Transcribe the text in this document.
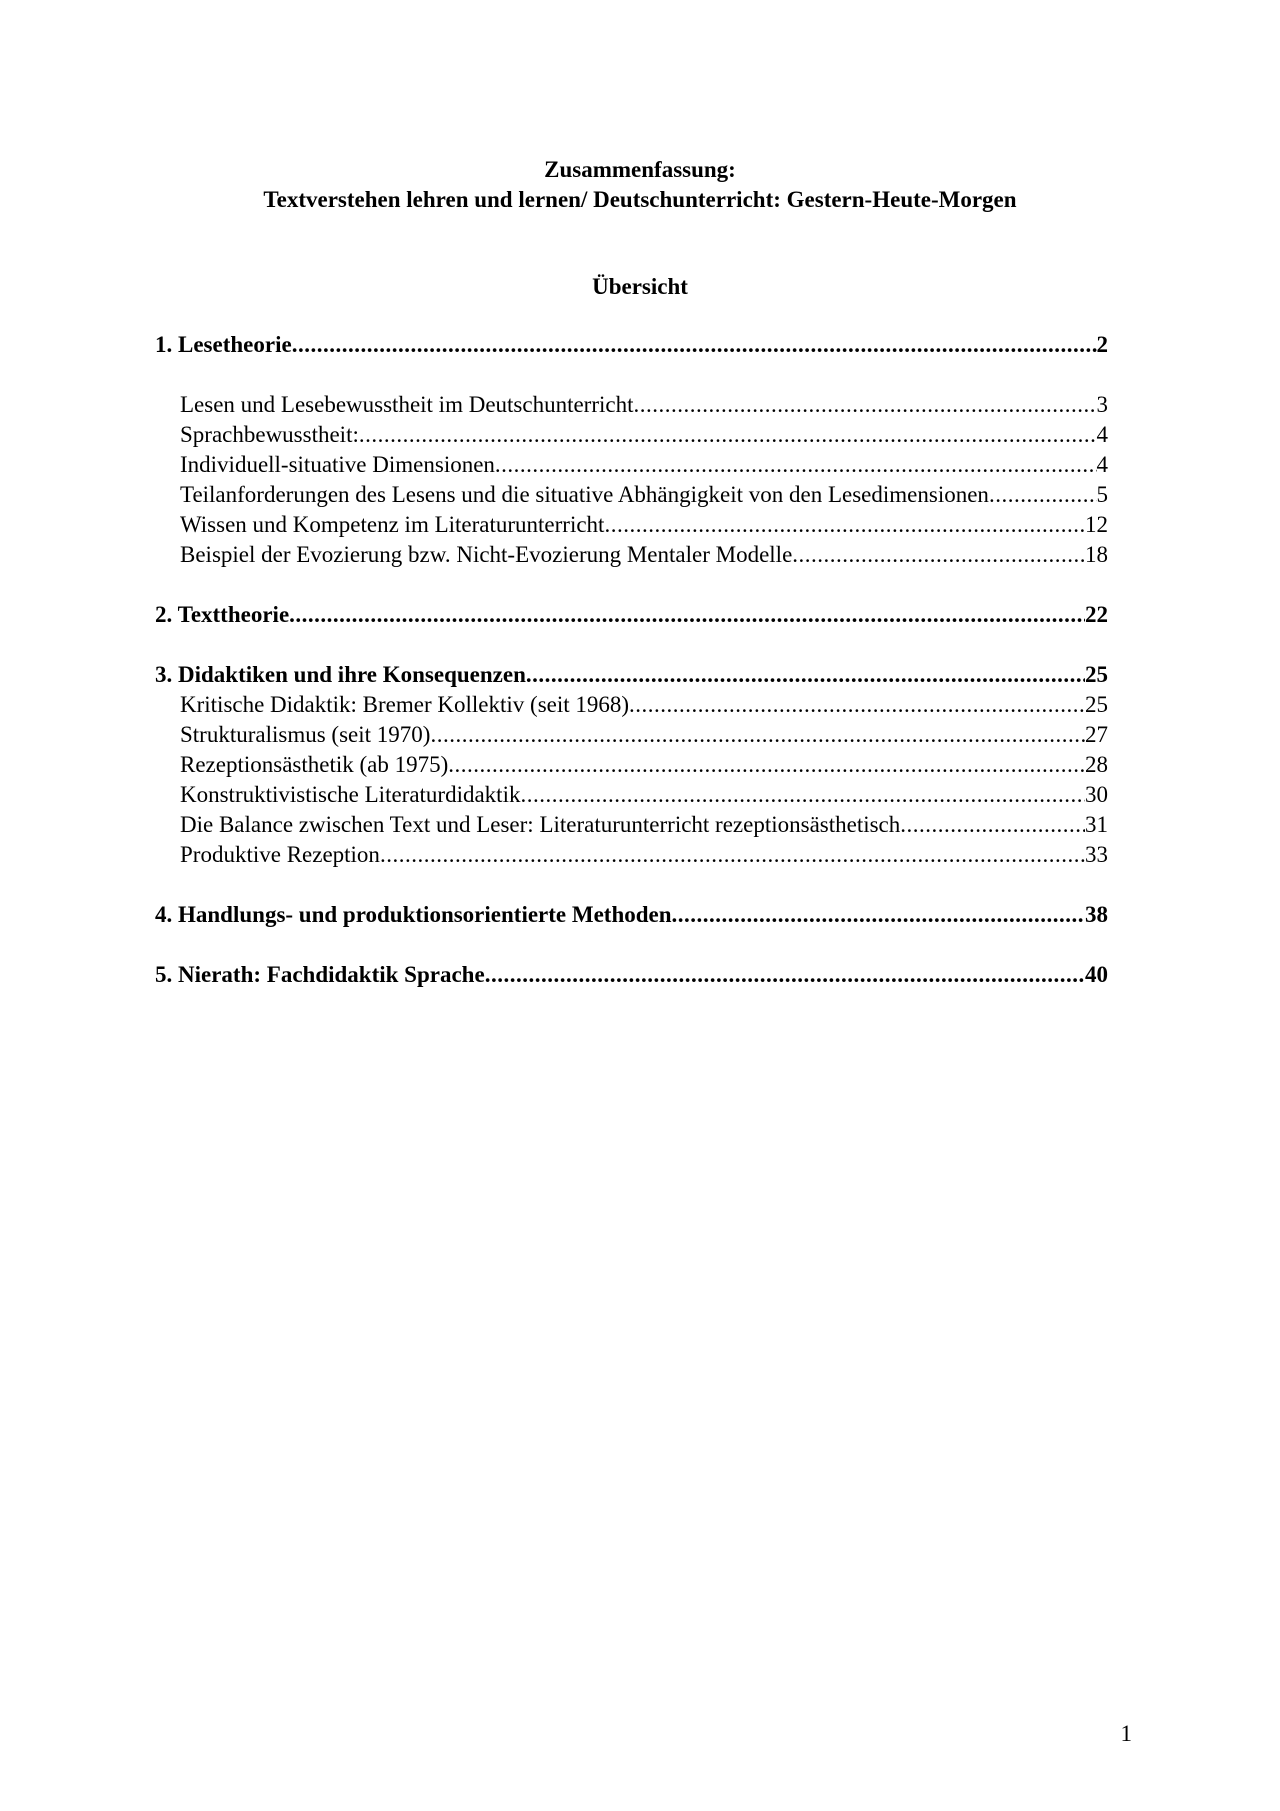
Zusammenfassung:
Textverstehen lehren und lernen/ Deutschunterricht: Gestern-Heute-Morgen
Übersicht
1. Lesetheorie .....	2
Lesen und Lesebewusstheit im Deutschunterricht .....	3
Sprachbewusstheit: .....	4
Individuell-situative Dimensionen .....	4
Teilanforderungen des Lesens und die situative Abhängigkeit von den Lesedimensionen .....	5
Wissen und Kompetenz im Literaturunterricht .....	12
Beispiel der Evozierung bzw. Nicht-Evozierung Mentaler Modelle .....	18
2. Texttheorie .....	22
3. Didaktiken und ihre Konsequenzen .....	25
Kritische Didaktik: Bremer Kollektiv (seit 1968) .....	25
Strukturalismus (seit 1970) .....	27
Rezeptionsästhetik (ab 1975) .....	28
Konstruktivistische Literaturdidaktik .....	30
Die Balance zwischen Text und Leser: Literaturunterricht rezeptionsästhetisch .....	31
Produktive Rezeption .....	33
4. Handlungs- und produktionsorientierte Methoden .....	38
5. Nierath: Fachdidaktik Sprache .....	40
1
